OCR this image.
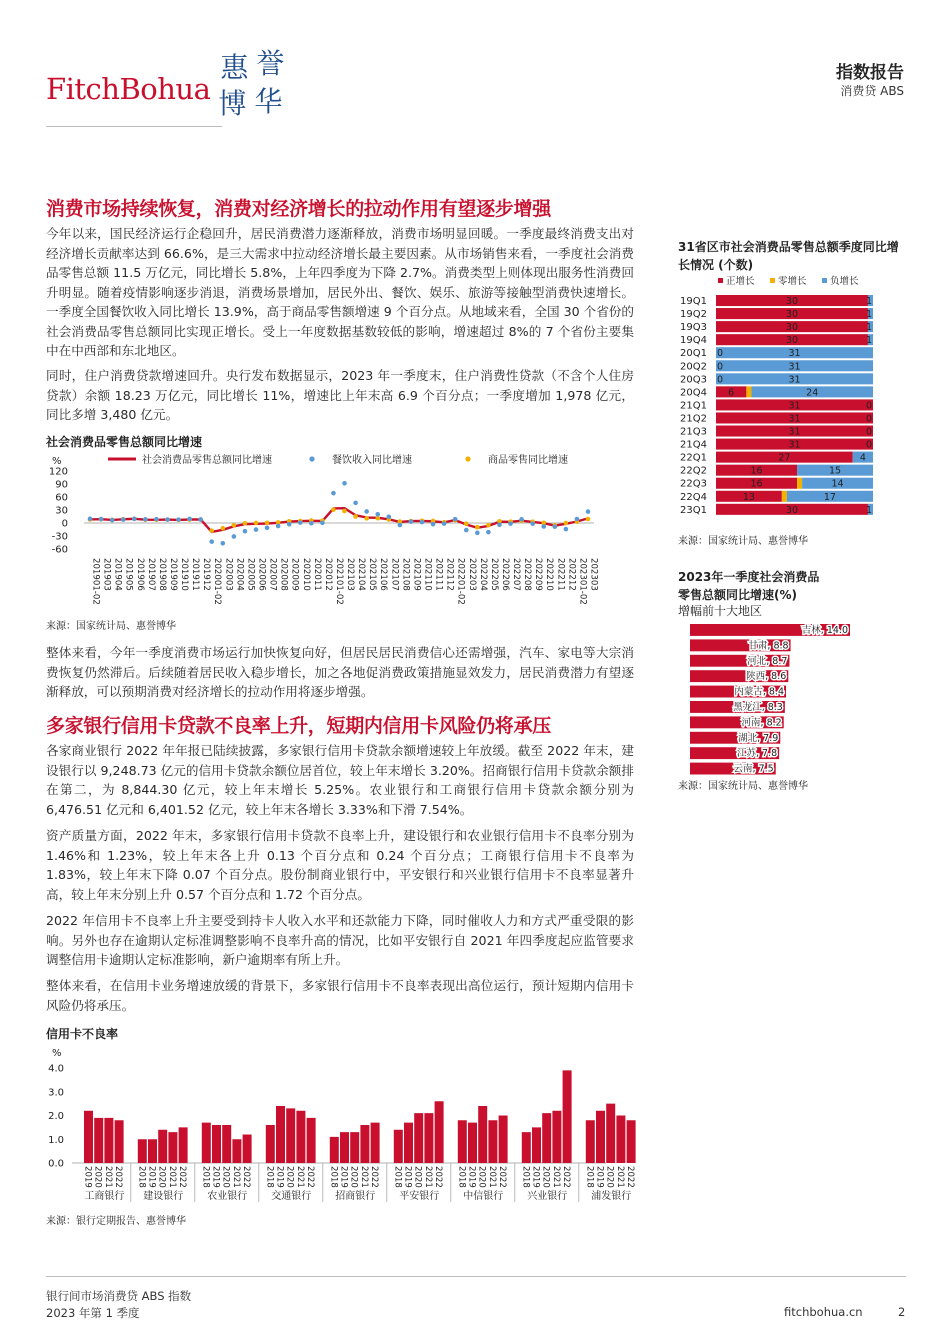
FitchBohua
惠 誉
博 华
指数报告
消费贷 ABS
消费市场持续恢复，消费对经济增长的拉动作用有望逐步增强
今年以来，国民经济运行企稳回升，居民消费潜力逐渐释放，消费市场明显回暖。一季度最终消费支出对经济增长贡献率达到 66.6%，是三大需求中拉动经济增长最主要因素。从市场销售来看，一季度社会消费品零售总额 11.5 万亿元，同比增长 5.8%，上年四季度为下降 2.7%。消费类型上则体现出服务性消费回升明显。随着疫情影响逐步消退，消费场景增加，居民外出、餐饮、娱乐、旅游等接触型消费快速增长。一季度全国餐饮收入同比增长 13.9%，高于商品零售额增速 9 个百分点。从地域来看，全国 30 个省份的社会消费品零售总额同比实现正增长。受上一年度数据基数较低的影响，增速超过 8%的 7 个省份主要集中在中西部和东北地区。
同时，住户消费贷款增速回升。央行发布数据显示，2023 年一季度末，住户消费性贷款（不含个人住房贷款）余额 18.23 万亿元，同比增长 11%，增速比上年末高 6.9 个百分点；一季度增加 1,978 亿元，同比多增 3,480 亿元。
社会消费品零售总额同比增速
社会消费品零售总额同比增速	餐饮收入同比增速	商品零售同比增速
%
120
90
60
30
0
-30
-60
201901-02 201903 201904 201905 201906 201907 201908 201909 201910 201911 201912 202001-02 202003 202004 202005 202006 202007 202008 202009 202010 202011 202012 202101-02 202103 202104 202105 202106 202107 202108 202109 202110 202111 202112 202201-02 202203 202204 202205 202206 202207 202208 202209 202210 202211 202212 202301-02 202303
来源：国家统计局、惠誉博华
整体来看，今年一季度消费市场运行加快恢复向好，但居民居民消费信心还需增强，汽车、家电等大宗消费恢复仍然滞后。后续随着居民收入稳步增长，加之各地促消费政策措施显效发力，居民消费潜力有望逐渐释放，可以预期消费对经济增长的拉动作用将逐步增强。
多家银行信用卡贷款不良率上升，短期内信用卡风险仍将承压
各家商业银行 2022 年年报已陆续披露，多家银行信用卡贷款余额增速较上年放缓。截至 2022 年末，建设银行以 9,248.73 亿元的信用卡贷款余额位居首位，较上年末增长 3.20%。招商银行信用卡贷款余额排在第二，为 8,844.30 亿元，较上年末增长 5.25%。农业银行和工商银行信用卡贷款余额分别为 6,476.51 亿元和 6,401.52 亿元，较上年末各增长 3.33%和下滑 7.54%。
资产质量方面，2022 年末，多家银行信用卡贷款不良率上升，建设银行和农业银行信用卡不良率分别为 1.46%和 1.23%，较上年末各上升 0.13 个百分点和 0.24 个百分点；工商银行信用卡不良率为 1.83%，较上年末下降 0.07 个百分点。股份制商业银行中，平安银行和兴业银行信用卡不良率显著升高，较上年末分别上升 0.57 个百分点和 1.72 个百分点。
2022 年信用卡不良率上升主要受到持卡人收入水平和还款能力下降，同时催收人力和方式严重受限的影响。另外也存在逾期认定标准调整影响不良率升高的情况，比如平安银行自 2021 年四季度起应监管要求调整信用卡逾期认定标准影响，新户逾期率有所上升。
整体来看，在信用卡业务增速放缓的背景下，多家银行信用卡不良率表现出高位运行，预计短期内信用卡风险仍将承压。
信用卡不良率
%
4.0
3.0
2.0
1.0
0.0
2019 2020 2021 2022
工商银行
2018 2019 2020 2021 2022
建设银行
2018 2019 2020 2021 2022
农业银行
2018 2019 2020 2021 2022
交通银行
2018 2019 2020 2021 2022
招商银行
2018 2019 2020 2021 2022
平安银行
2018 2019 2020 2021 2022
中信银行
2018 2019 2020 2021 2022
兴业银行
2018 2019 2020 2021 2022
浦发银行
来源：银行定期报告、惠誉博华
31省区市社会消费品零售总额季度同比增长情况 (个数)
正增长 零增长 负增长
19Q1	30	1
19Q2	30	1
19Q3	30	1
19Q4	30	1
20Q1 0	31
20Q2 0	31
20Q3 0	31
20Q4 6	24
21Q1	31	0
21Q2	31	0
21Q3	31	0
21Q4	31	0
22Q1	27	4
22Q2	16	15
22Q3	16	14
22Q4	13	17
23Q1	30	1
来源：国家统计局、惠誉博华
2023年一季度社会消费品
零售总额同比增速(%)
增幅前十大地区
吉林, 14.0
甘肃, 8.8
河北, 8.7
陕西, 8.6
内蒙古, 8.4
黑龙江, 8.3
河南, 8.2
湖北, 7.9
江苏, 7.8
云南, 7.5
来源：国家统计局、惠誉博华
银行间市场消费贷 ABS 指数
2023 年第 1 季度	fitchbohua.cn	2
